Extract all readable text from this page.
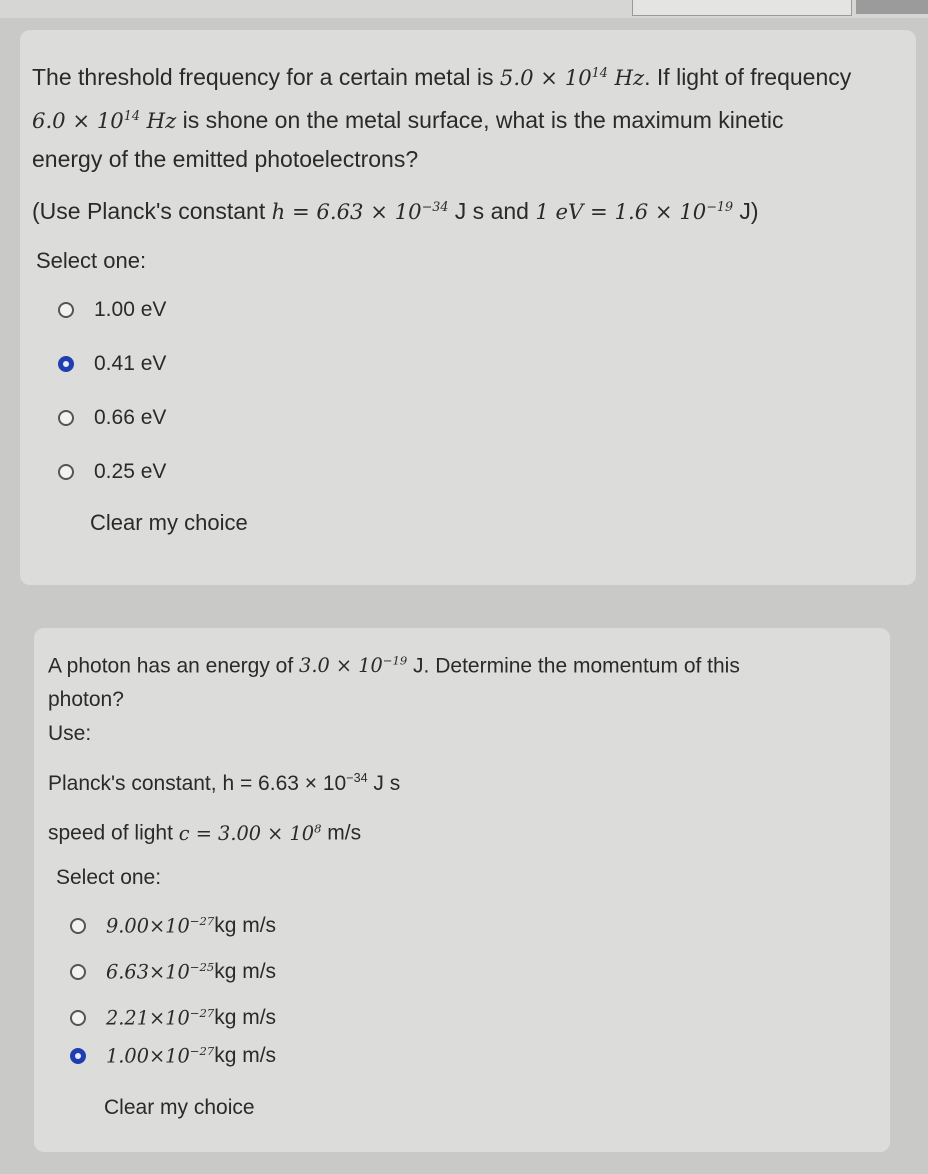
The threshold frequency for a certain metal is $5.0 \times 10^{14}$ Hz. If light of frequency

$6.0 \times 10^{14}$ Hz is shone on the metal surface, what is the maximum kinetic

energy of the emitted photoelectrons?

(Use Planck's constant $h = 6.63 \times 10^{-34}$ J s and 1 eV = $1.6 \times 10^{-19}$ J)

Select one:
1.00 eV
0.41 eV
0.66 eV
0.25 eV
Clear my choice

A photon has an energy of $3.0 \times 10^{-19}$ J. Determine the momentum of this

photon?

Use:

Planck's constant, $h = 6.63 \times 10^{-34}$ J s

speed of light $c = 3.00 \times 10^8$ m/s

Select one:
$9.00\times 10^{-27}$ kg m/s
$6.63\times 10^{-25}$ kg m/s
$2.21\times 10^{-27}$ kg m/s
$1.00\times 10^{-27}$ kg m/s
Clear my choice
